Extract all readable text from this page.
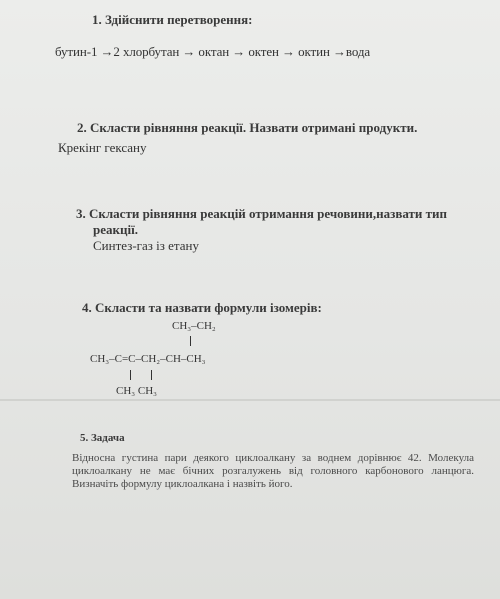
1. Здійснити перетворення:
бутин-1 →2 хлорбутан → октан → октен → октин →вода
2. Скласти рівняння реакції. Назвати отримані продукти.
Крекінг гексану
3. Скласти рівняння реакцій отримання речовини,назвати тип
реакції.
Синтез-газ із етану
4. Скласти та назвати формули ізомерів:
CH₃–CH₂
CH₃–C=C–CH₂–CH–CH₃
CH₃ CH₃
5. Задача
Відносна густина пари деякого циклоалкану за воднем дорівнює 42. Молекула циклоалкану не має бічних розгалужень від головного карбонового ланцюга. Визначіть формулу циклоалкана і назвіть його.
